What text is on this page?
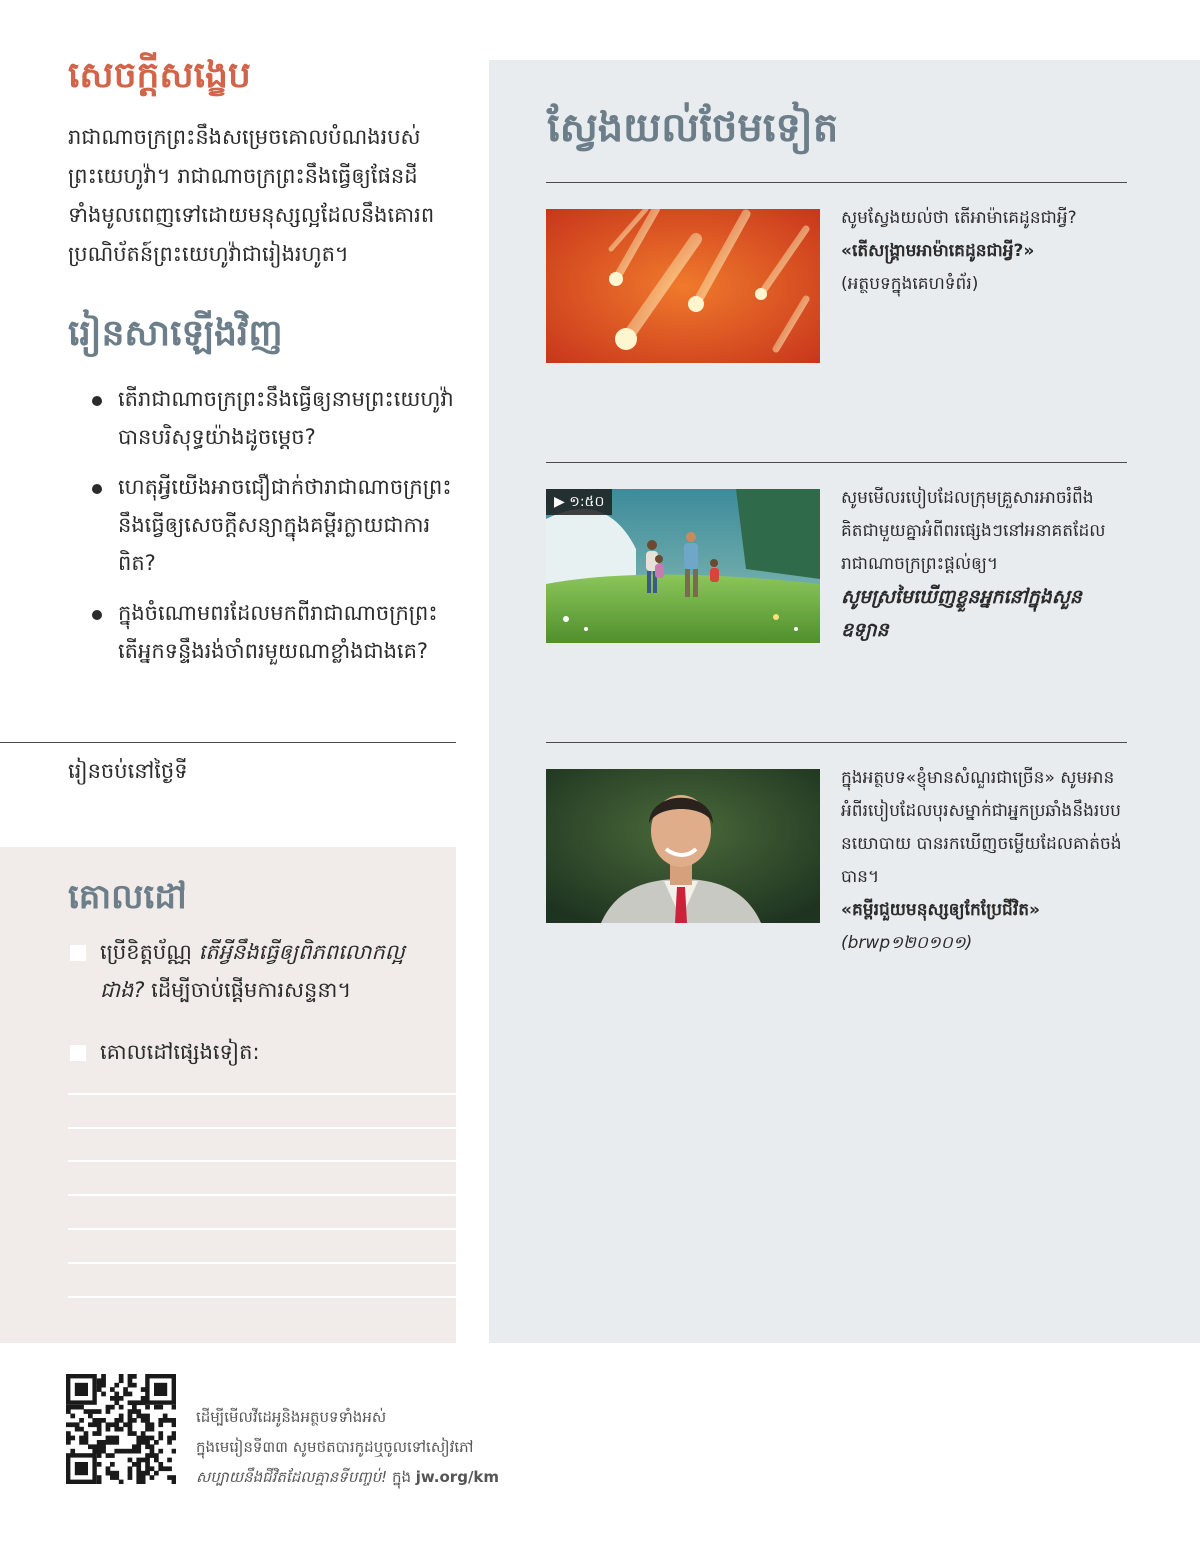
សេចក្ដីសង្ខេប

រាជាណាចក្រព្រះនឹងសម្រេចគោលបំណងរបស់ព្រះយេហូវ៉ា។ រាជាណាចក្រព្រះនឹងធ្វើឲ្យផែនដីទាំងមូលពេញទៅដោយមនុស្សល្អដែលនឹងគោរពប្រណិប័តន៍ព្រះយេហូវ៉ាជារៀងរហូត។

រៀនសាឡើងវិញ
តើរាជាណាចក្រព្រះនឹងធ្វើឲ្យនាមព្រះយេហូវ៉ាបានបរិសុទ្ធយ៉ាងដូចម្ដេច?
ហេតុអ្វីយើងអាចជឿជាក់ថារាជាណាចក្រព្រះនឹងធ្វើឲ្យសេចក្ដីសន្យាក្នុងគម្ពីរក្លាយជាការពិត?
ក្នុងចំណោមពរដែលមកពីរាជាណាចក្រព្រះ តើអ្នកទន្ទឹងរង់ចាំពរមួយណាខ្លាំងជាងគេ?

រៀនចប់នៅថ្ងៃទី

គោលដៅ
ប្រើខិត្តប័ណ្ណ តើអ្វីនឹងធ្វើឲ្យពិភពលោកល្អជាង? ដើម្បីចាប់ផ្ដើមការសន្ទនា។
គោលដៅផ្សេងទៀត:
ស្វែងយល់ថែមទៀត

សូមស្វែងយល់ថា តើអាម៉ាគេដូនជាអ្វី?

«តើសង្គ្រាមអាម៉ាគេដូនជាអ្វី?»

(អត្ថបទក្នុងគេហទំព័រ)

▶ ១:៥០	សូមមើលរបៀបដែលក្រុមគ្រួសារអាចរំពឹងគិតជាមួយគ្នាអំពីពរផ្សេងៗនៅអនាគតដែលរាជាណាចក្រព្រះផ្ដល់ឲ្យ។

សូមស្រមៃឃើញខ្លួនអ្នកនៅក្នុងសួនឧទ្យាន

ក្នុងអត្ថបទ«ខ្ញុំមានសំណួរជាច្រើន» សូមអានអំពីរបៀបដែលបុរសម្នាក់ជាអ្នកប្រឆាំងនឹងរបបនយោបាយ បានរកឃើញចម្លើយដែលគាត់ចង់បាន។

«គម្ពីរជួយមនុស្សឲ្យកែប្រែជីវិត»

(brwp១២០១០១)

ដើម្បីមើលវីដេអូនិងអត្ថបទទាំងអស់

ក្នុងមេរៀនទី៣៣ សូមថតបារកូដឬចូលទៅសៀវភៅ

សប្បាយនឹងជីវិតដែលគ្មានទីបញ្ចប់! ក្នុង jw.org/km
